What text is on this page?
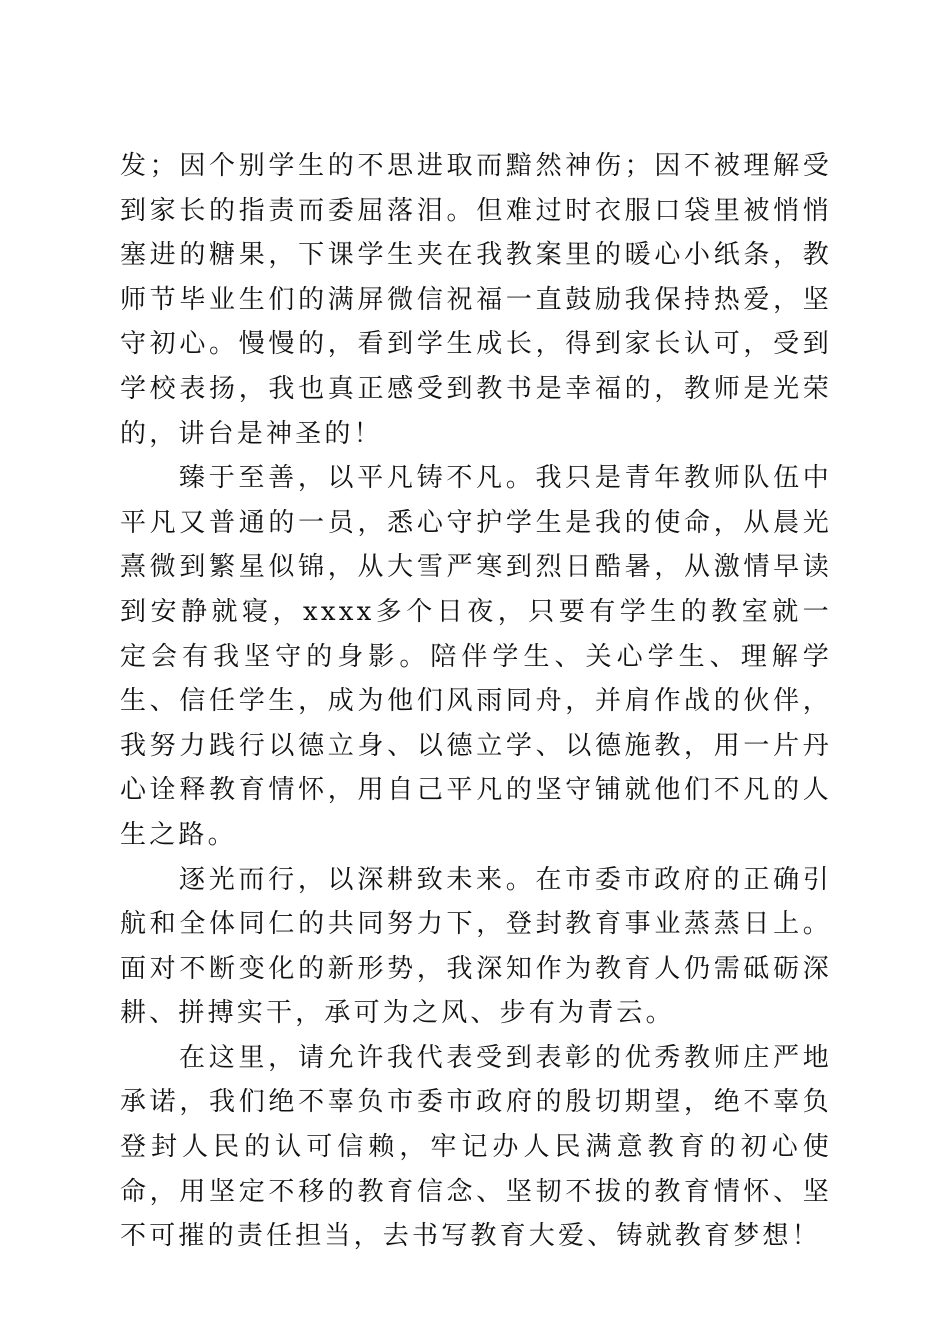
发；因个别学生的不思进取而黯然神伤；因不被理解受到家长的指责而委屈落泪。但难过时衣服口袋里被悄悄塞进的糖果，下课学生夹在我教案里的暖心小纸条，教师节毕业生们的满屏微信祝福一直鼓励我保持热爱，坚守初心。慢慢的，看到学生成长，得到家长认可，受到学校表扬，我也真正感受到教书是幸福的，教师是光荣的，讲台是神圣的！

臻于至善，以平凡铸不凡。我只是青年教师队伍中平凡又普通的一员，悉心守护学生是我的使命，从晨光熹微到繁星似锦，从大雪严寒到烈日酷暑，从激情早读到安静就寝，xxxx多个日夜，只要有学生的教室就一定会有我坚守的身影。陪伴学生、关心学生、理解学生、信任学生，成为他们风雨同舟，并肩作战的伙伴，我努力践行以德立身、以德立学、以德施教，用一片丹心诠释教育情怀，用自己平凡的坚守铺就他们不凡的人生之路。

逐光而行，以深耕致未来。在市委市政府的正确引航和全体同仁的共同努力下，登封教育事业蒸蒸日上。面对不断变化的新形势，我深知作为教育人仍需砥砺深耕、拼搏实干，承可为之风、步有为青云。

在这里，请允许我代表受到表彰的优秀教师庄严地承诺，我们绝不辜负市委市政府的殷切期望，绝不辜负登封人民的认可信赖，牢记办人民满意教育的初心使命，用坚定不移的教育信念、坚韧不拔的教育情怀、坚不可摧的责任担当，去书写教育大爱、铸就教育梦想！
